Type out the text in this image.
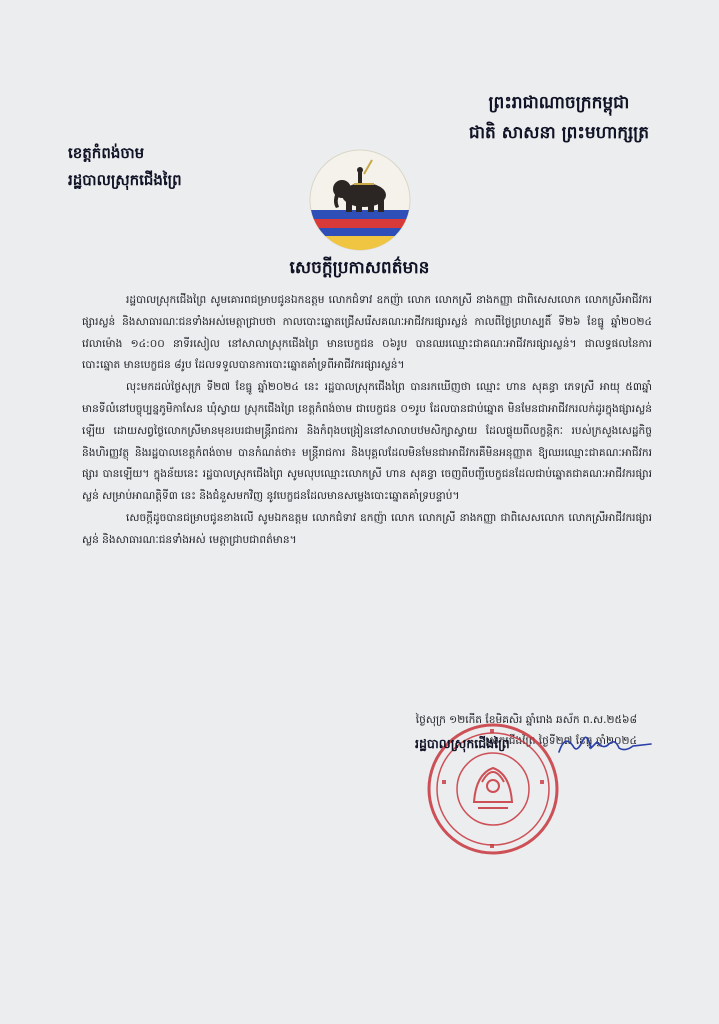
ព្រះរាជាណាចក្រកម្ពុជា
ជាតិ សាសនា ព្រះមហាក្សត្រ
ខេត្តកំពង់ចាម
រដ្ឋបាលស្រុកជើងព្រៃ
សេចក្តីប្រកាសពត៌មាន

រដ្ឋបាលស្រុកជើងព្រៃ សូមគោរពជម្រាបជូនឯកឧត្តម លោកជំទាវ ឧកញ៉ា លោក លោកស្រី នាងកញ្ញា ជាពិសេសលោក លោកស្រីអាជីវករផ្សារស្លន់ និងសាធារណៈជនទាំងអស់មេត្តាជ្រាបថា កាលបោះឆ្នោតជ្រើសរើសគណៈអាជីវករផ្សារស្លន់ កាលពីថ្ងៃព្រហស្បតិ៍ ទី២៦ ខែធ្នូ ឆ្នាំ២០២៤ វេលាម៉ោង ១៤:០០ នាទីរសៀល នៅសាលាស្រុកជើងព្រៃ មានបេក្ខជន ០៦រូប បានឈរឈ្មោះជាគណៈអាជីវករផ្សារស្លន់។ ជាលទ្ធផលនៃការបោះឆ្នោត មានបេក្ខជន ៨រូប ដែលទទួលបានការបោះឆ្នោតគាំទ្រពីអាជីវករផ្សារស្លន់។

លុះមកដល់ថ្ងៃសុក្រ ទី២៧ ខែធ្នូ ឆ្នាំ២០២៤ នេះ រដ្ឋបាលស្រុកជើងព្រៃ បានរកឃើញថា ឈ្មោះ ហាន សុគន្ធា ភេទស្រី អាយុ ៥៣ឆ្នាំ មានទីលំនៅបច្ចុប្បន្នភូមិកាសែន ឃុំស្វាយ ស្រុកជើងព្រៃ ខេត្តកំពង់ចាម ជាបេក្ខជន ០១រូប ដែលបានជាប់ឆ្នោត មិនមែនជាអាជីវករលក់ដូរក្នុងផ្សារស្លន់ឡើយ ដោយសព្វថ្ងៃលោកស្រីមានមុខរបរជាមន្ត្រីរាជការ និងកំពុងបង្រៀននៅសាលាបឋមសិក្សាស្វាយ ដែលផ្ទុយពីលក្ខន្តិកៈ របស់ក្រសួងសេដ្ឋកិច្ច និងហិរញ្ញវត្ថុ និងរដ្ឋបាលខេត្តកំពង់ចាម បានកំណត់ថា៖ មន្ត្រីរាជការ និងបុគ្គលដែលមិនមែនជាអាជីវករគឺមិនអនុញ្ញាត ឱ្យឈរឈ្មោះជាគណៈអាជីវករផ្សារ បានឡើយ។ ក្នុងន័យនេះ រដ្ឋបាលស្រុកជើងព្រៃ សូមលុបឈ្មោះលោកស្រី ហាន សុគន្ធា ចេញពីបញ្ជីបេក្ខជនដែលជាប់ឆ្នោតជាគណៈអាជីវករផ្សារស្លន់ សម្រាប់អាណត្តិទី៣ នេះ និងជំនួសមកវិញ នូវបេក្ខជនដែលមានសម្លេងបោះឆ្នោតគាំទ្របន្ទាប់។

សេចក្តីដូចបានជម្រាបជូនខាងលើ សូមឯកឧត្តម លោកជំទាវ ឧកញ៉ា លោក លោកស្រី នាងកញ្ញា ជាពិសេសលោក លោកស្រីអាជីវករផ្សារស្លន់ និងសាធារណៈជនទាំងអស់ មេត្តាជ្រាបជាពត៌មាន។

ថ្ងៃសុក្រ ១២កើត ខែមិគសិរ ឆ្នាំរោង ឆស័ក ព.ស.២៥៦៨
ស្រុកជើងព្រៃ ថ្ងៃទី២៧ ខែធ្នូ ឆ្នាំ២០២៤
រដ្ឋបាលស្រុកជើងព្រៃ
